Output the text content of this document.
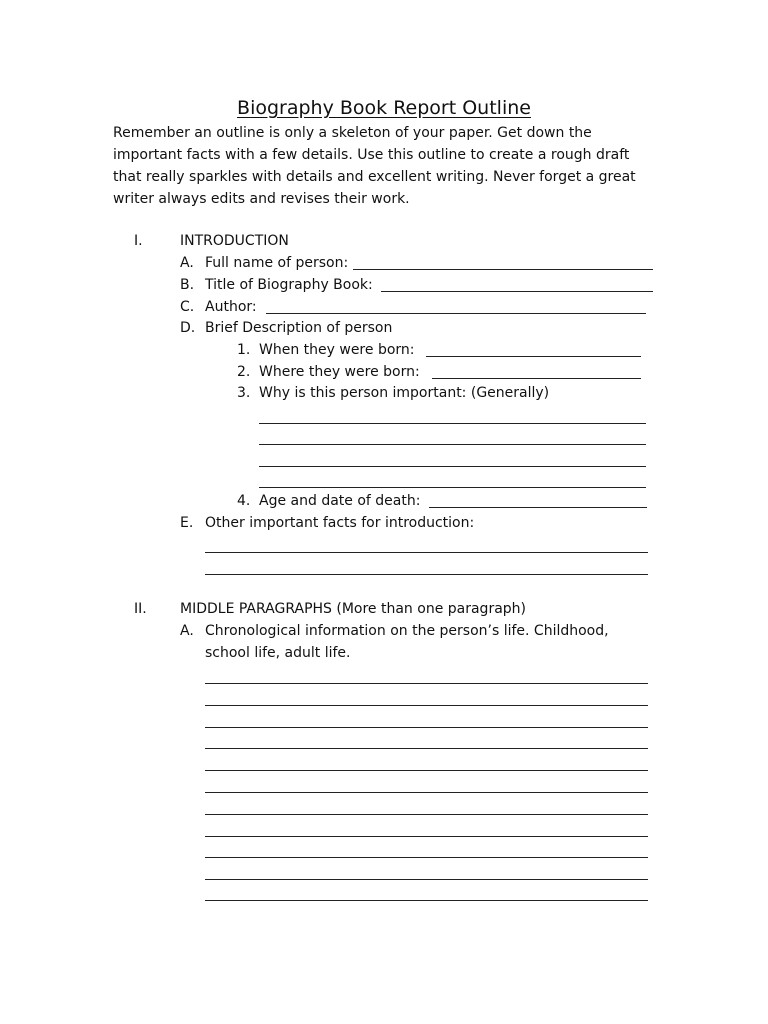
Biography Book Report Outline
Remember an outline is only a skeleton of your paper. Get down the
important facts with a few details. Use this outline to create a rough draft
that really sparkles with details and excellent writing. Never forget a great
writer always edits and revises their work.
I.	INTRODUCTION
A. Full name of person:
B. Title of Biography Book:
C. Author:
D. Brief Description of person
1. When they were born:
2. Where they were born:
3. Why is this person important: (Generally)
4. Age and date of death:
E. Other important facts for introduction:
II. MIDDLE PARAGRAPHS (More than one paragraph)
A. Chronological information on the person’s life. Childhood,
school life, adult life.
